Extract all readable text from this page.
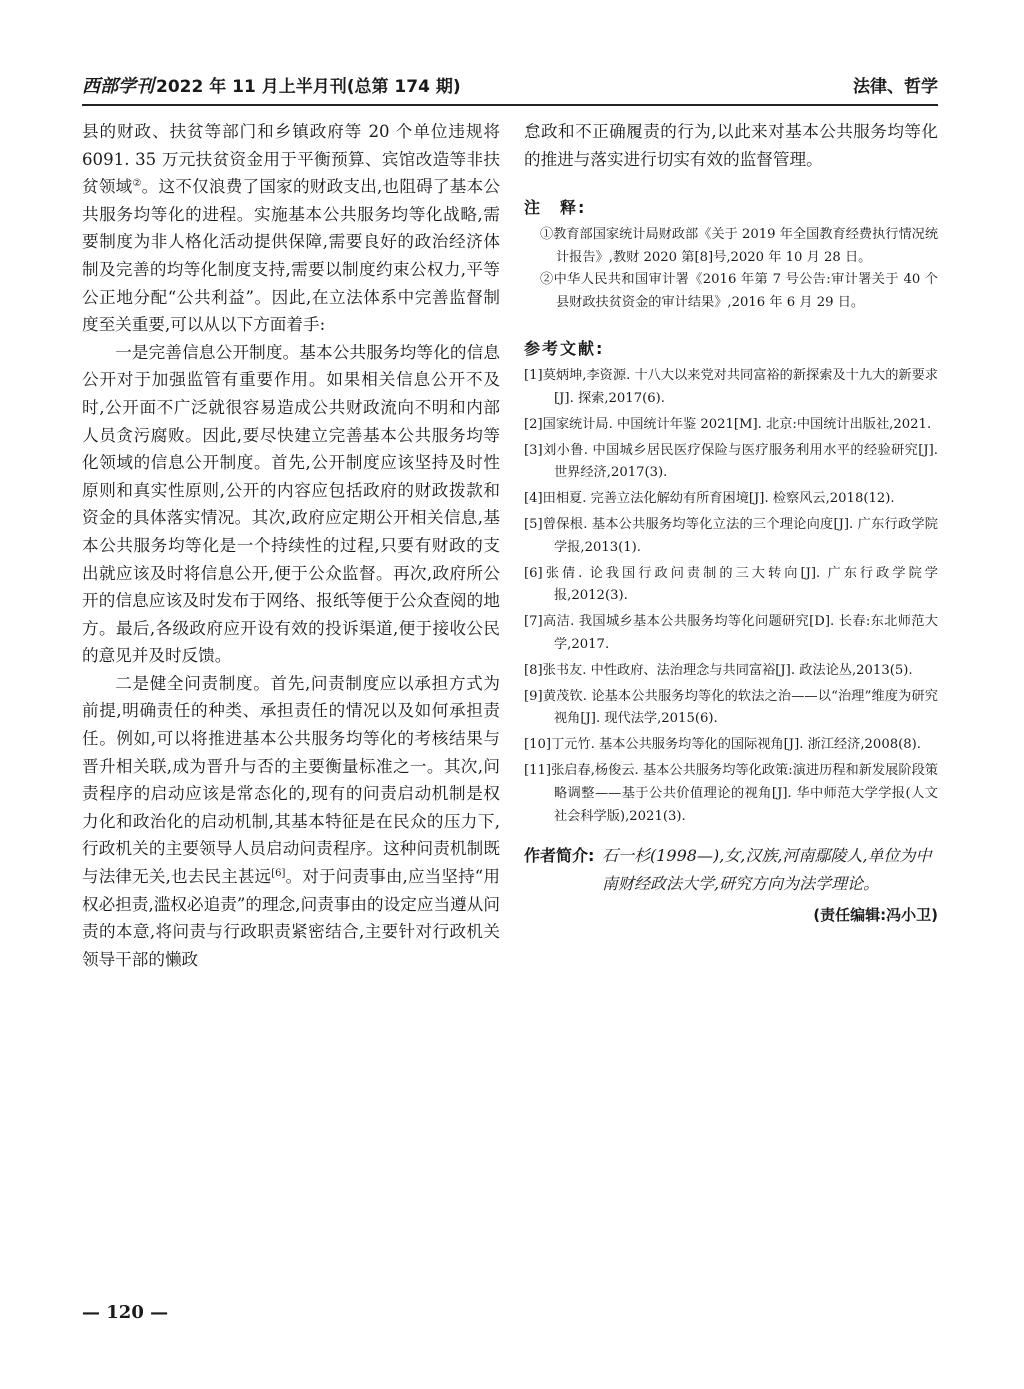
西部学刊 2022 年 11 月上半月刊(总第 174 期)	法律、哲学

县的财政、扶贫等部门和乡镇政府等 20 个单位违规将 6091. 35 万元扶贫资金用于平衡预算、宾馆改造等非扶贫领域②。这不仅浪费了国家的财政支出,也阻碍了基本公共服务均等化的进程。实施基本公共服务均等化战略,需要制度为非人格化活动提供保障,需要良好的政治经济体制及完善的均等化制度支持,需要以制度约束公权力,平等公正地分配“公共利益”。因此,在立法体系中完善监督制度至关重要,可以从以下方面着手:

一是完善信息公开制度。基本公共服务均等化的信息公开对于加强监管有重要作用。如果相关信息公开不及时,公开面不广泛就很容易造成公共财政流向不明和内部人员贪污腐败。因此,要尽快建立完善基本公共服务均等化领域的信息公开制度。首先,公开制度应该坚持及时性原则和真实性原则,公开的内容应包括政府的财政拨款和资金的具体落实情况。其次,政府应定期公开相关信息,基本公共服务均等化是一个持续性的过程,只要有财政的支出就应该及时将信息公开,便于公众监督。再次,政府所公开的信息应该及时发布于网络、报纸等便于公众查阅的地方。最后,各级政府应开设有效的投诉渠道,便于接收公民的意见并及时反馈。

二是健全问责制度。首先,问责制度应以承担方式为前提,明确责任的种类、承担责任的情况以及如何承担责任。例如,可以将推进基本公共服务均等化的考核结果与晋升相关联,成为晋升与否的主要衡量标准之一。其次,问责程序的启动应该是常态化的,现有的问责启动机制是权力化和政治化的启动机制,其基本特征是在民众的压力下,行政机关的主要领导人员启动问责程序。这种问责机制既与法律无关,也去民主甚远[6]。对于问责事由,应当坚持“用权必担责,滥权必追责”的理念,问责事由的设定应当遵从问责的本意,将问责与行政职责紧密结合,主要针对行政机关领导干部的懒政

怠政和不正确履责的行为,以此来对基本公共服务均等化的推进与落实进行切实有效的监督管理。

注　释:

①教育部国家统计局财政部《关于 2019 年全国教育经费执行情况统计报告》,教财 2020 第[8]号,2020 年 10 月 28 日。

②中华人民共和国审计署《2016 年第 7 号公告:审计署关于 40 个县财政扶贫资金的审计结果》,2016 年 6 月 29 日。

参考文献:

[1]莫炳坤,李资源. 十八大以来党对共同富裕的新探索及十九大的新要求[J]. 探索,2017(6).

[2]国家统计局. 中国统计年鉴 2021[M]. 北京:中国统计出版社,2021.

[3]刘小鲁. 中国城乡居民医疗保险与医疗服务利用水平的经验研究[J]. 世界经济,2017(3).

[4]田相夏. 完善立法化解幼有所育困境[J]. 检察风云,2018(12).

[5]曾保根. 基本公共服务均等化立法的三个理论向度[J]. 广东行政学院学报,2013(1).

[6]张倩. 论我国行政问责制的三大转向[J]. 广东行政学院学报,2012(3).

[7]高洁. 我国城乡基本公共服务均等化问题研究[D]. 长春:东北师范大学,2017.

[8]张书友. 中性政府、法治理念与共同富裕[J]. 政法论丛,2013(5).

[9]黄茂钦. 论基本公共服务均等化的软法之治——以“治理”维度为研究视角[J]. 现代法学,2015(6).

[10]丁元竹. 基本公共服务均等化的国际视角[J]. 浙江经济,2008(8).

[11]张启春,杨俊云. 基本公共服务均等化政策:演进历程和新发展阶段策略调整——基于公共价值理论的视角[J]. 华中师范大学学报(人文社会科学版),2021(3).

作者简介: 石一杉(1998—),女,汉族,河南鄢陵人,单位为中南财经政法大学,研究方向为法学理论。
(责任编辑:冯小卫)
— 120 —
